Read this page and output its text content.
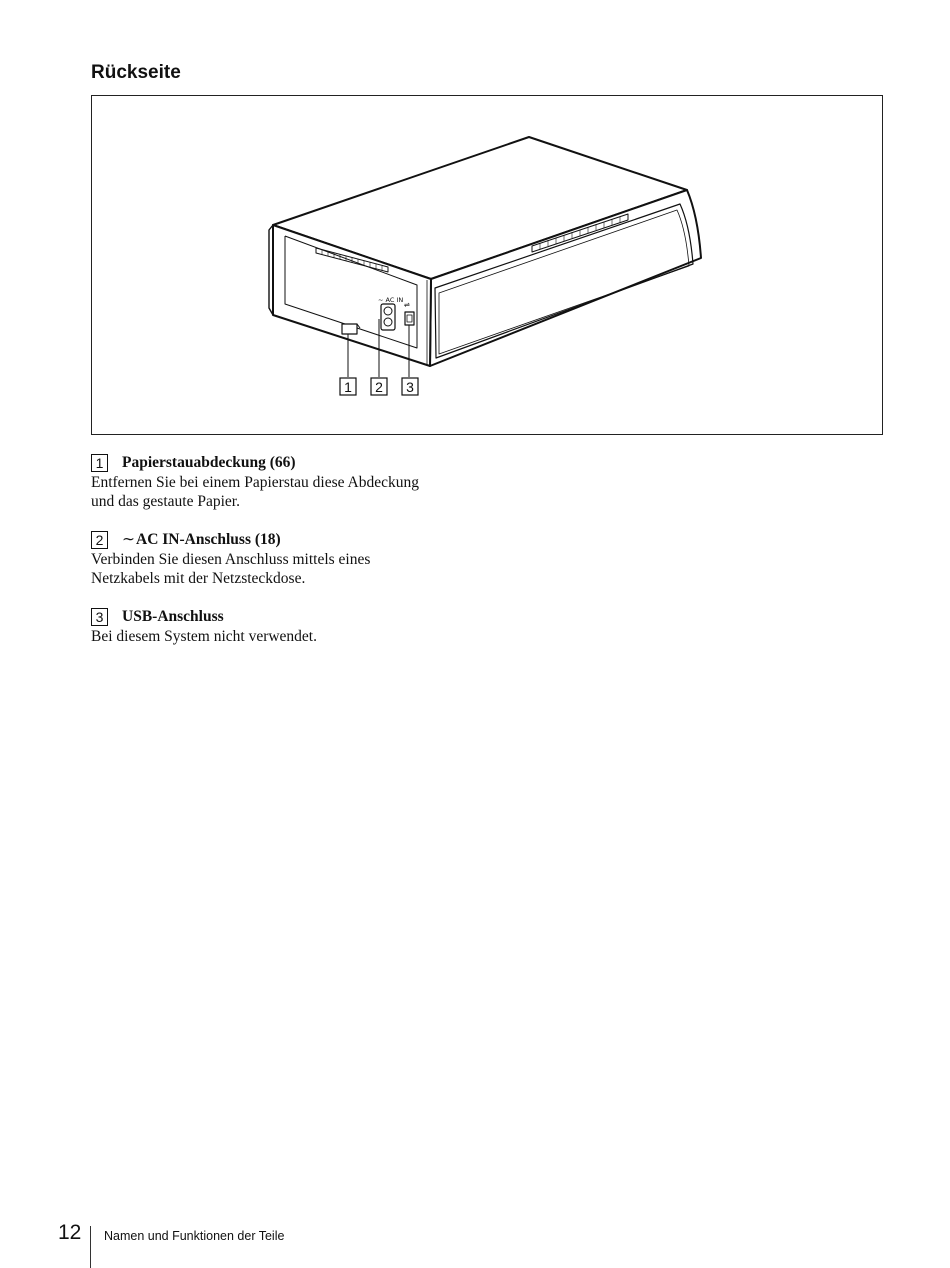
Rückseite
~ AC IN
⇌
1 2 3
1 Papierstauabdeckung (66)
Entfernen Sie bei einem Papierstau diese Abdeckung
und das gestaute Papier.
2 ∼ AC IN-Anschluss (18)
Verbinden Sie diesen Anschluss mittels eines
Netzkabels mit der Netzsteckdose.
3 USB-Anschluss
Bei diesem System nicht verwendet.
12 Namen und Funktionen der Teile
